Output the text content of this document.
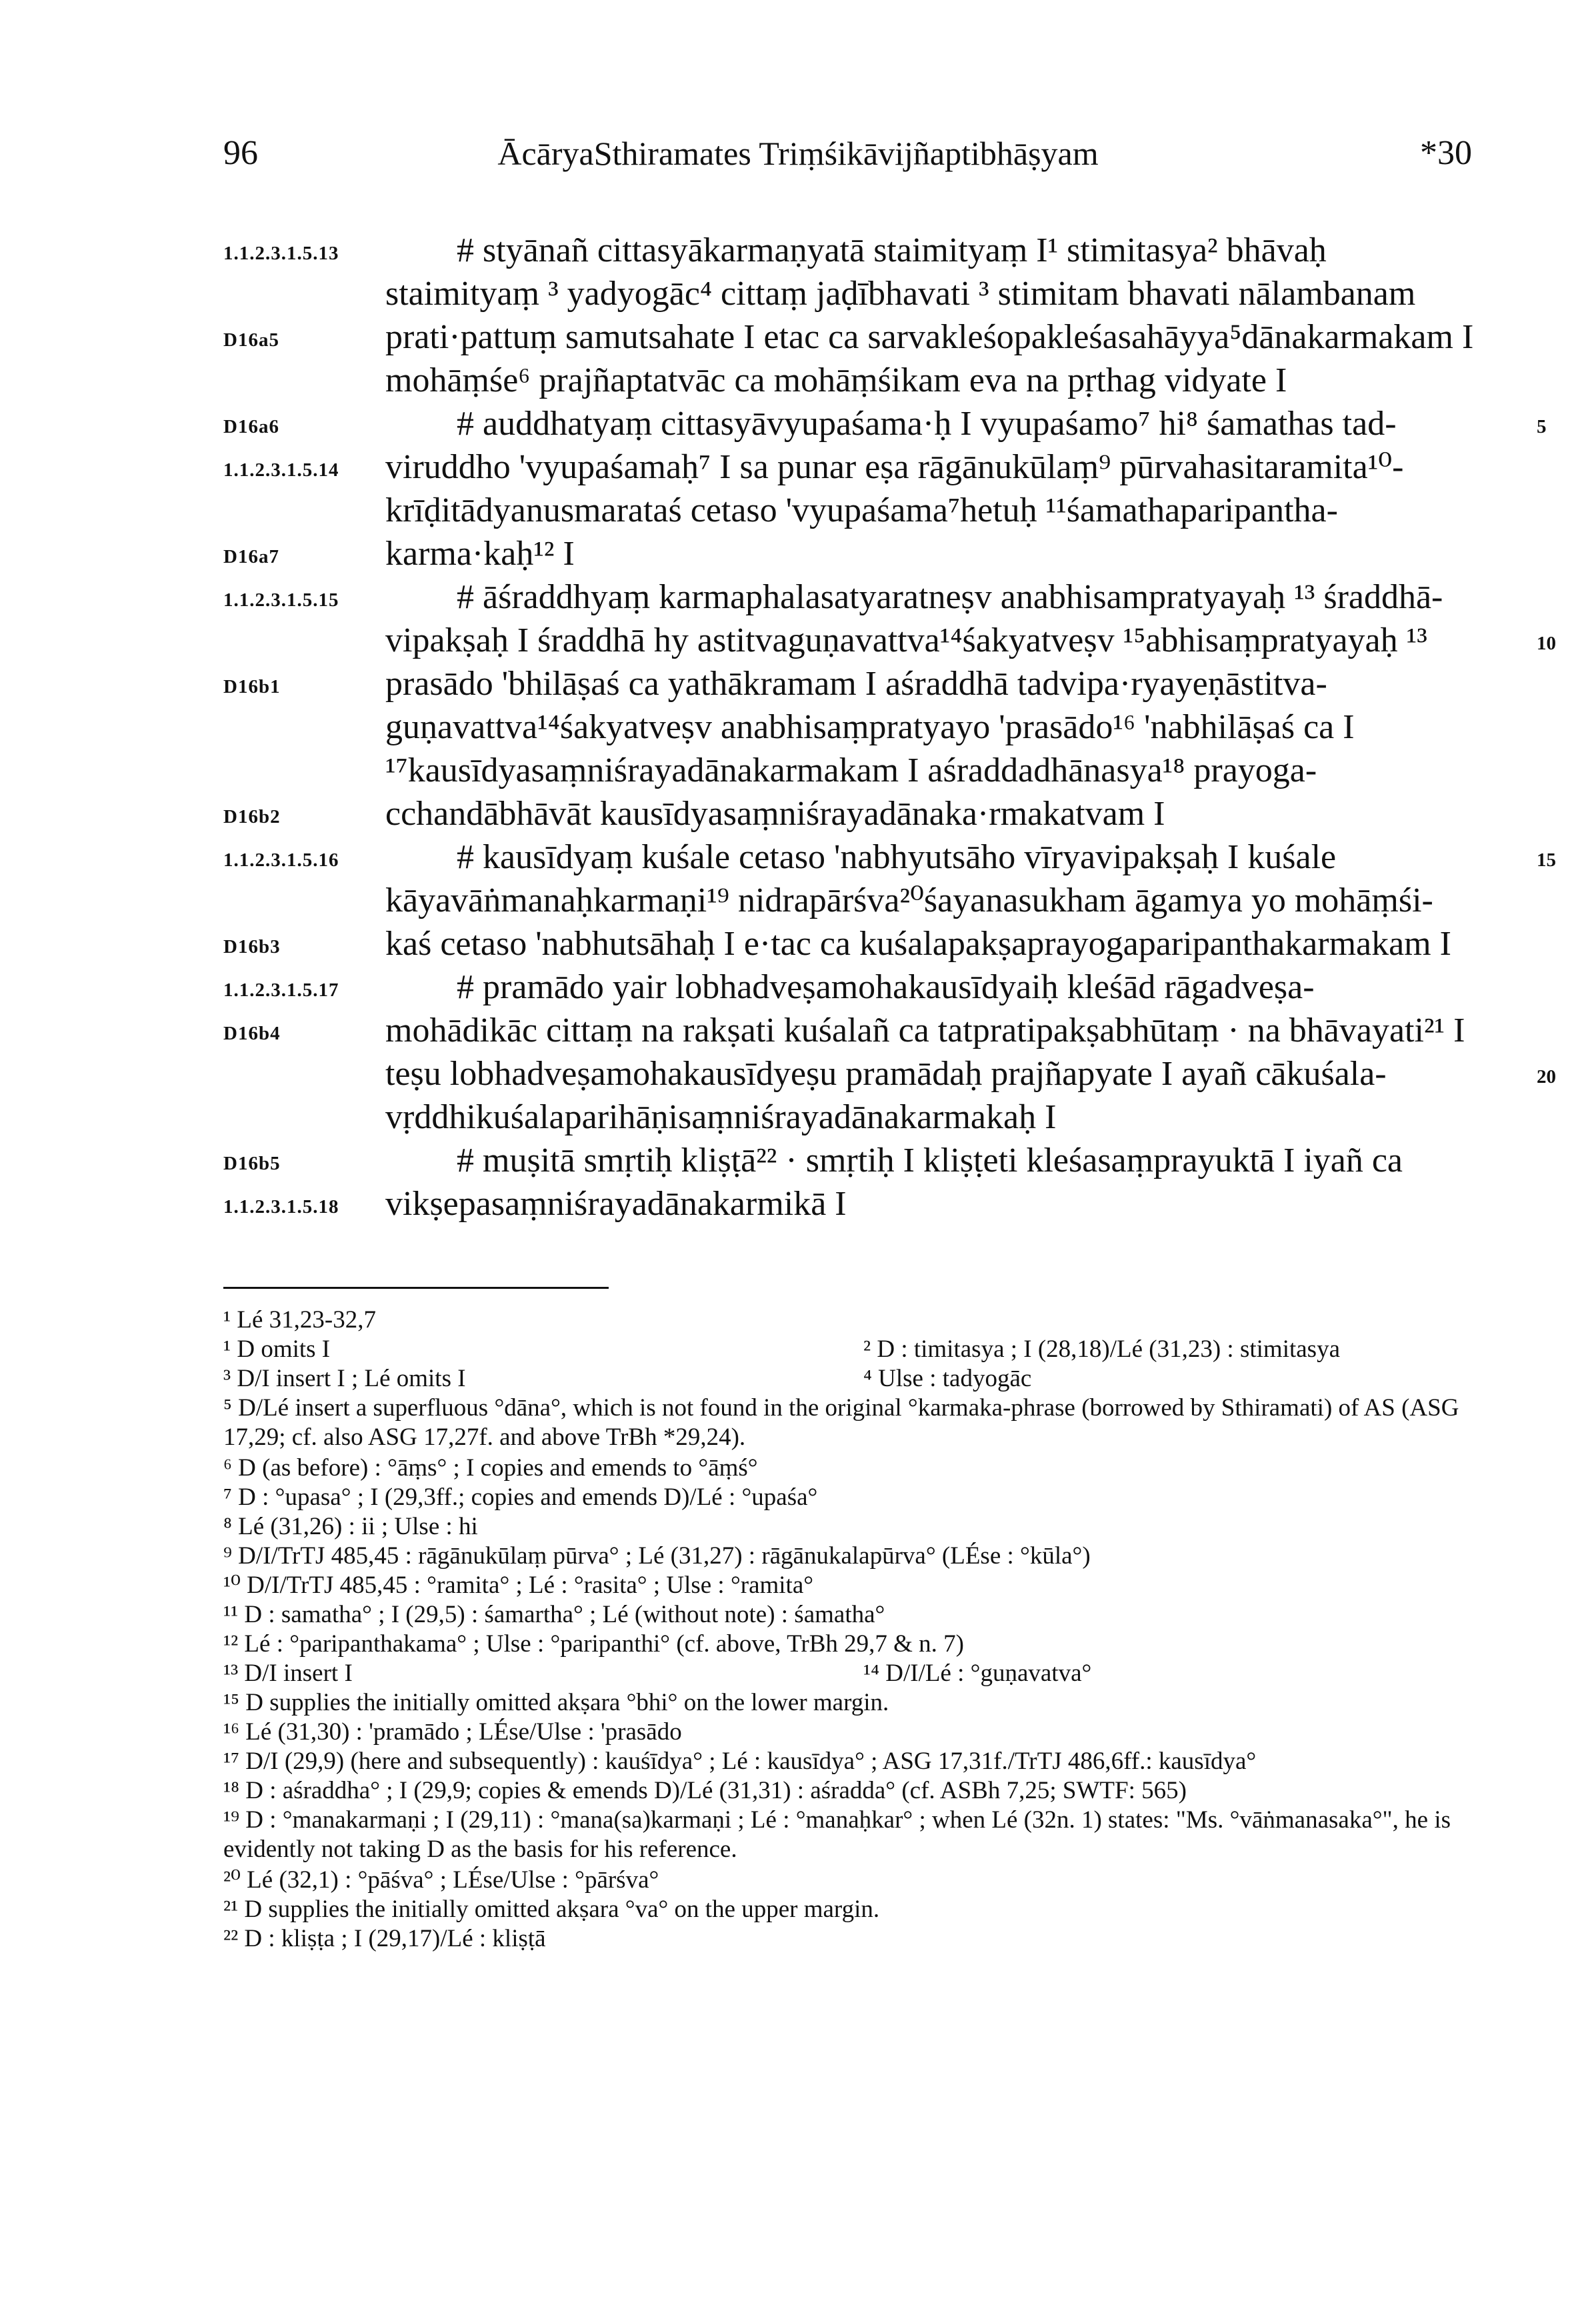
96	ĀcāryaSthiramates Triṃśikāvijñaptibhāṣyam	*30
1.1.2.3.1.5.13	# styānañ cittasyākarmaṇyatā staimityaṃ I¹ stimitasya² bhāvaḥ
staimityaṃ ³ yadyogāc⁴ cittaṃ jaḍībhavati ³ stimitam bhavati nālambanam
D16a5	prati·pattuṃ samutsahate I etac ca sarvakleśopakleśasahāyya⁵dānakarmakam I
mohāṃśe⁶ prajñaptatvāc ca mohāṃśikam eva na pṛthag vidyate I
D16a6	# auddhatyaṃ cittasyāvyupaśama·ḥ I vyupaśamo⁷ hi⁸ śamathas tad-	5
1.1.2.3.1.5.14 viruddho 'vyupaśamaḥ⁷ I sa punar eṣa rāgānukūlaṃ⁹ pūrvahasitaramita¹⁰-
krīḍitādyanusmarataś cetaso 'vyupaśama⁷hetuḥ ¹¹śamathaparipantha-
D16a7	karma·kaḥ¹² I
1.1.2.3.1.5.15	# āśraddhyaṃ karmaphalasatyaratneṣv anabhisampratyayaḥ ¹³ śraddhā-
vipakṣaḥ I śraddhā hy astitvaguṇavattva¹⁴śakyatveṣv ¹⁵abhisaṃpratyayaḥ ¹³	10
D16b1	prasādo 'bhilāṣaś ca yathākramam I aśraddhā tadvipa·ryayeṇāstitva-
guṇavattva¹⁴śakyatveṣv anabhisaṃpratyayo 'prasādo¹⁶ 'nabhilāṣaś ca I
¹⁷kausīdyasaṃniśrayadānakarmakam I aśraddadhānasya¹⁸ prayoga-
D16b2	cchandābhāvāt kausīdyasaṃniśrayadānaka·rmakatvam I
1.1.2.3.1.5.16	# kausīdyaṃ kuśale cetaso 'nabhyutsāho vīryavipakṣaḥ I kuśale	15
kāyavāṅmanaḥkarmaṇi¹⁹ nidrapārśva²⁰śayanasukham āgamya yo mohāṃśi-
D16b3	kaś cetaso 'nabhutsāhaḥ I e·tac ca kuśalapakṣaprayogaparipanthakarmakam I
1.1.2.3.1.5.17	# pramādo yair lobhadveṣamohakausīdyaiḥ kleśād rāgadveṣa-
D16b4	mohādikāc cittaṃ na rakṣati kuśalañ ca tatpratipakṣabhūtaṃ · na bhāvayati²¹ I
teṣu lobhadveṣamohakausīdyeṣu pramādaḥ prajñapyate I ayañ cākuśala-	20
vṛddhikuśalaparihāṇisaṃniśrayadānakarmakaḥ I
D16b5	# muṣitā smṛtiḥ kliṣṭā²² · smṛtiḥ I kliṣṭeti kleśasaṃprayuktā I iyañ ca
1.1.2.3.1.5.18 vikṣepasaṃniśrayadānakarmikā I
¹ Lé 31,23-32,7
¹ D omits I	² D : timitasya ; I (28,18)/Lé (31,23) : stimitasya
³ D/I insert I ; Lé omits I	⁴ Ulse : tadyogāc
⁵ D/Lé insert a superfluous °dāna°, which is not found in the original °karmaka-phrase (borrowed by Sthiramati) of AS (ASG 17,29; cf. also ASG 17,27f. and above TrBh *29,24).
⁶ D (as before) : °āṃs° ; I copies and emends to °āṃś°
⁷ D : °upasa° ; I (29,3ff.; copies and emends D)/Lé : °upaśa°
⁸ Lé (31,26) : ii ; Ulse : hi
⁹ D/I/TrTJ 485,45 : rāgānukūlaṃ pūrva° ; Lé (31,27) : rāgānukalapūrva° (LÉse : °kūla°)
¹⁰ D/I/TrTJ 485,45 : °ramita° ; Lé : °rasita° ; Ulse : °ramita°
¹¹ D : samatha° ; I (29,5) : śamartha° ; Lé (without note) : śamatha°
¹² Lé : °paripanthakama° ; Ulse : °paripanthi° (cf. above, TrBh 29,7 & n. 7)
¹³ D/I insert I	¹⁴ D/I/Lé : °guṇavatva°
¹⁵ D supplies the initially omitted akṣara °bhi° on the lower margin.
¹⁶ Lé (31,30) : 'pramādo ; LÉse/Ulse : 'prasādo
¹⁷ D/I (29,9) (here and subsequently) : kauśīdya° ; Lé : kausīdya° ; ASG 17,31f./TrTJ 486,6ff.: kausīdya°
¹⁸ D : aśraddha° ; I (29,9; copies & emends D)/Lé (31,31) : aśradda° (cf. ASBh 7,25; SWTF: 565)
¹⁹ D : °manakarmaṇi ; I (29,11) : °mana(sa)karmaṇi ; Lé : °manaḥkar° ; when Lé (32n. 1) states: "Ms. °vāṅmanasaka°", he is evidently not taking D as the basis for his reference.
²⁰ Lé (32,1) : °pāśva° ; LÉse/Ulse : °pārśva°
²¹ D supplies the initially omitted akṣara °va° on the upper margin.
²² D : kliṣṭa ; I (29,17)/Lé : kliṣṭā
